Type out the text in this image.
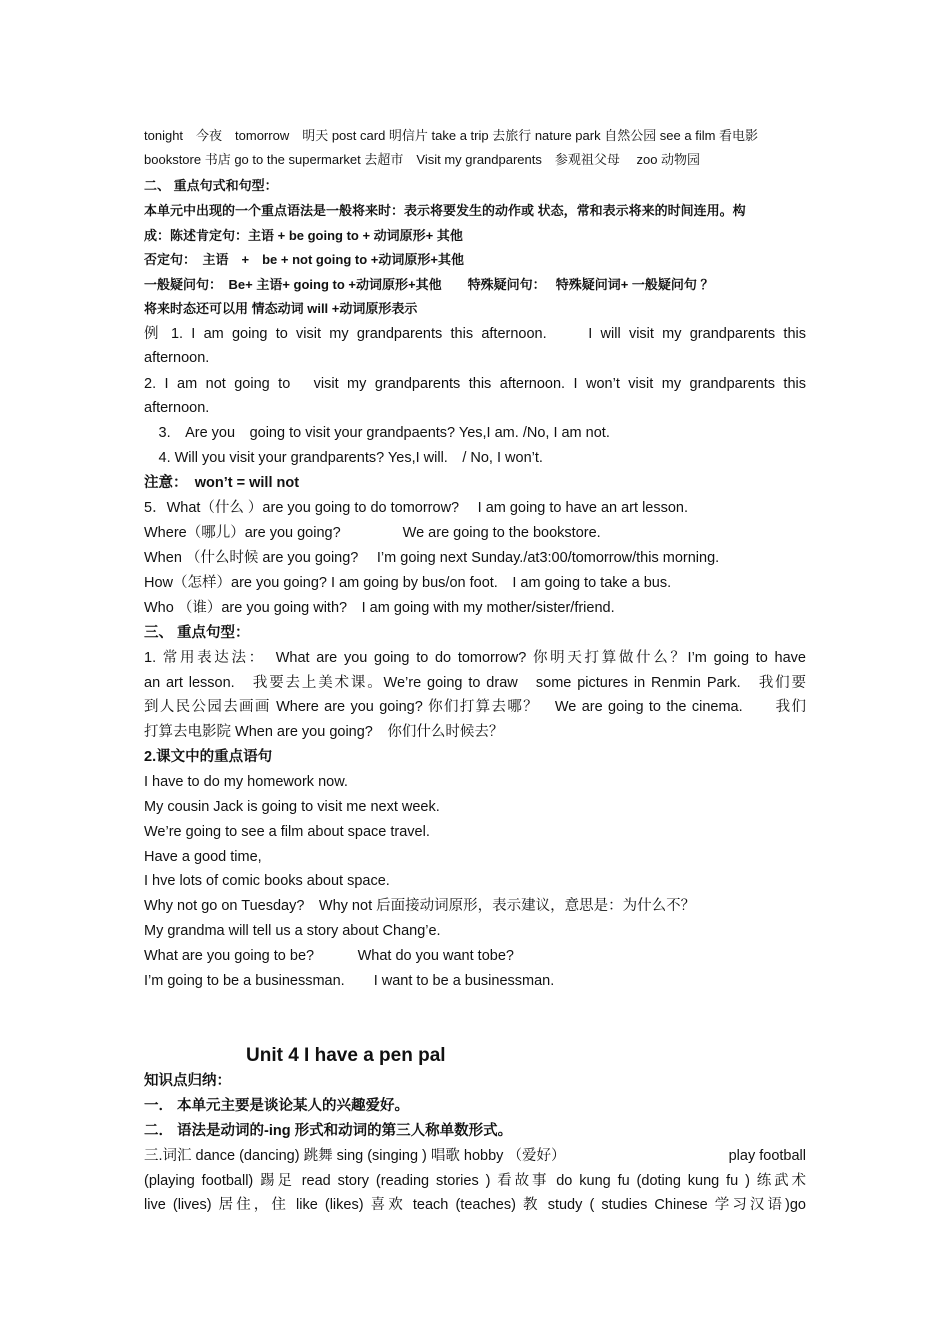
tonight　今夜　tomorrow　明天 post card 明信片 take a trip 去旅行 nature park 自然公园 see a film 看电影
bookstore 书店 go to the supermarket 去超市　Visit my grandparents　参观祖父母　 zoo 动物园
二、 重点句式和句型：
本单元中出现的一个重点语法是一般将来时：表示将要发生的动作或 状态，常和表示将来的时间连用。构
成：陈述肯定句：主语 + be going to + 动词原形+ 其他
否定句：　主语　+　be + not going to +动词原形+其他
一般疑问句：　Be+ 主语+ going to +动词原形+其他　　特殊疑问句：　 特殊疑问词+ 一般疑问句 ？
将来时态还可以用 情态动词 will +动词原形表示
例 1. I am going to visit my grandparents this afternoon.　　I will visit my grandparents this
afternoon.
2. I am not going to　visit my grandparents this afternoon. I won’t visit my grandparents this
afternoon.
　3.　Are you　going to visit your grandpaents? Yes,I am. /No, I am not.
　4. Will you visit your grandparents? Yes,I will.　/ No, I won’t.
注意：　won’t = will not
5．What（什么 ）are you going to do tomorrow?　 I am going to have an art lesson.
Where（哪儿）are you going?　　　　 We are going to the bookstore.
When （什么时候 are you going?　 I’m going next Sunday./at3:00/tomorrow/this morning.
How（怎样）are you going? I am going by bus/on foot.　I am going to take a bus.
Who （谁）are you going with?　I am going with my mother/sister/friend.
三、 重点句型：
1. 常用表达法：　What are you going to do tomorrow? 你明天打算做什么？I’m going to have
an art lesson.　我要去上美术课。We’re going to draw　some pictures in Renmin Park.　我们要
到人民公园去画画 Where are you going? 你们打算去哪？　We are going to the cinema.　　我们
打算去电影院 When are you going?　你们什么时候去？
2.课文中的重点语句
I have to do my homework now.
My cousin Jack is going to visit me next week.
We’re going to see a film about space travel.
Have a good time,
I hve lots of comic books about space.
Why not go on Tuesday?　Why not 后面接动词原形，表示建议，意思是：为什么不？
My grandma will tell us a story about Chang’e.
What are you going to be?　　　What do you want tobe?
I’m going to be a businessman.　　I want to be a businessman.
Unit 4 I have a pen pal
知识点归纳：
一． 本单元主要是谈论某人的兴趣爱好。
二． 语法是动词的-ing 形式和动词的第三人称单数形式。
三.词汇 dance (dancing) 跳舞 sing (singing ) 唱歌 hobby （爱好）	play football
(playing football) 踢足 read story (reading stories ) 看故事 do kung fu (doting kung fu ) 练武术
live (lives) 居住，住 like (likes) 喜欢 teach (teaches) 教 study ( studies Chinese 学习汉语)go
